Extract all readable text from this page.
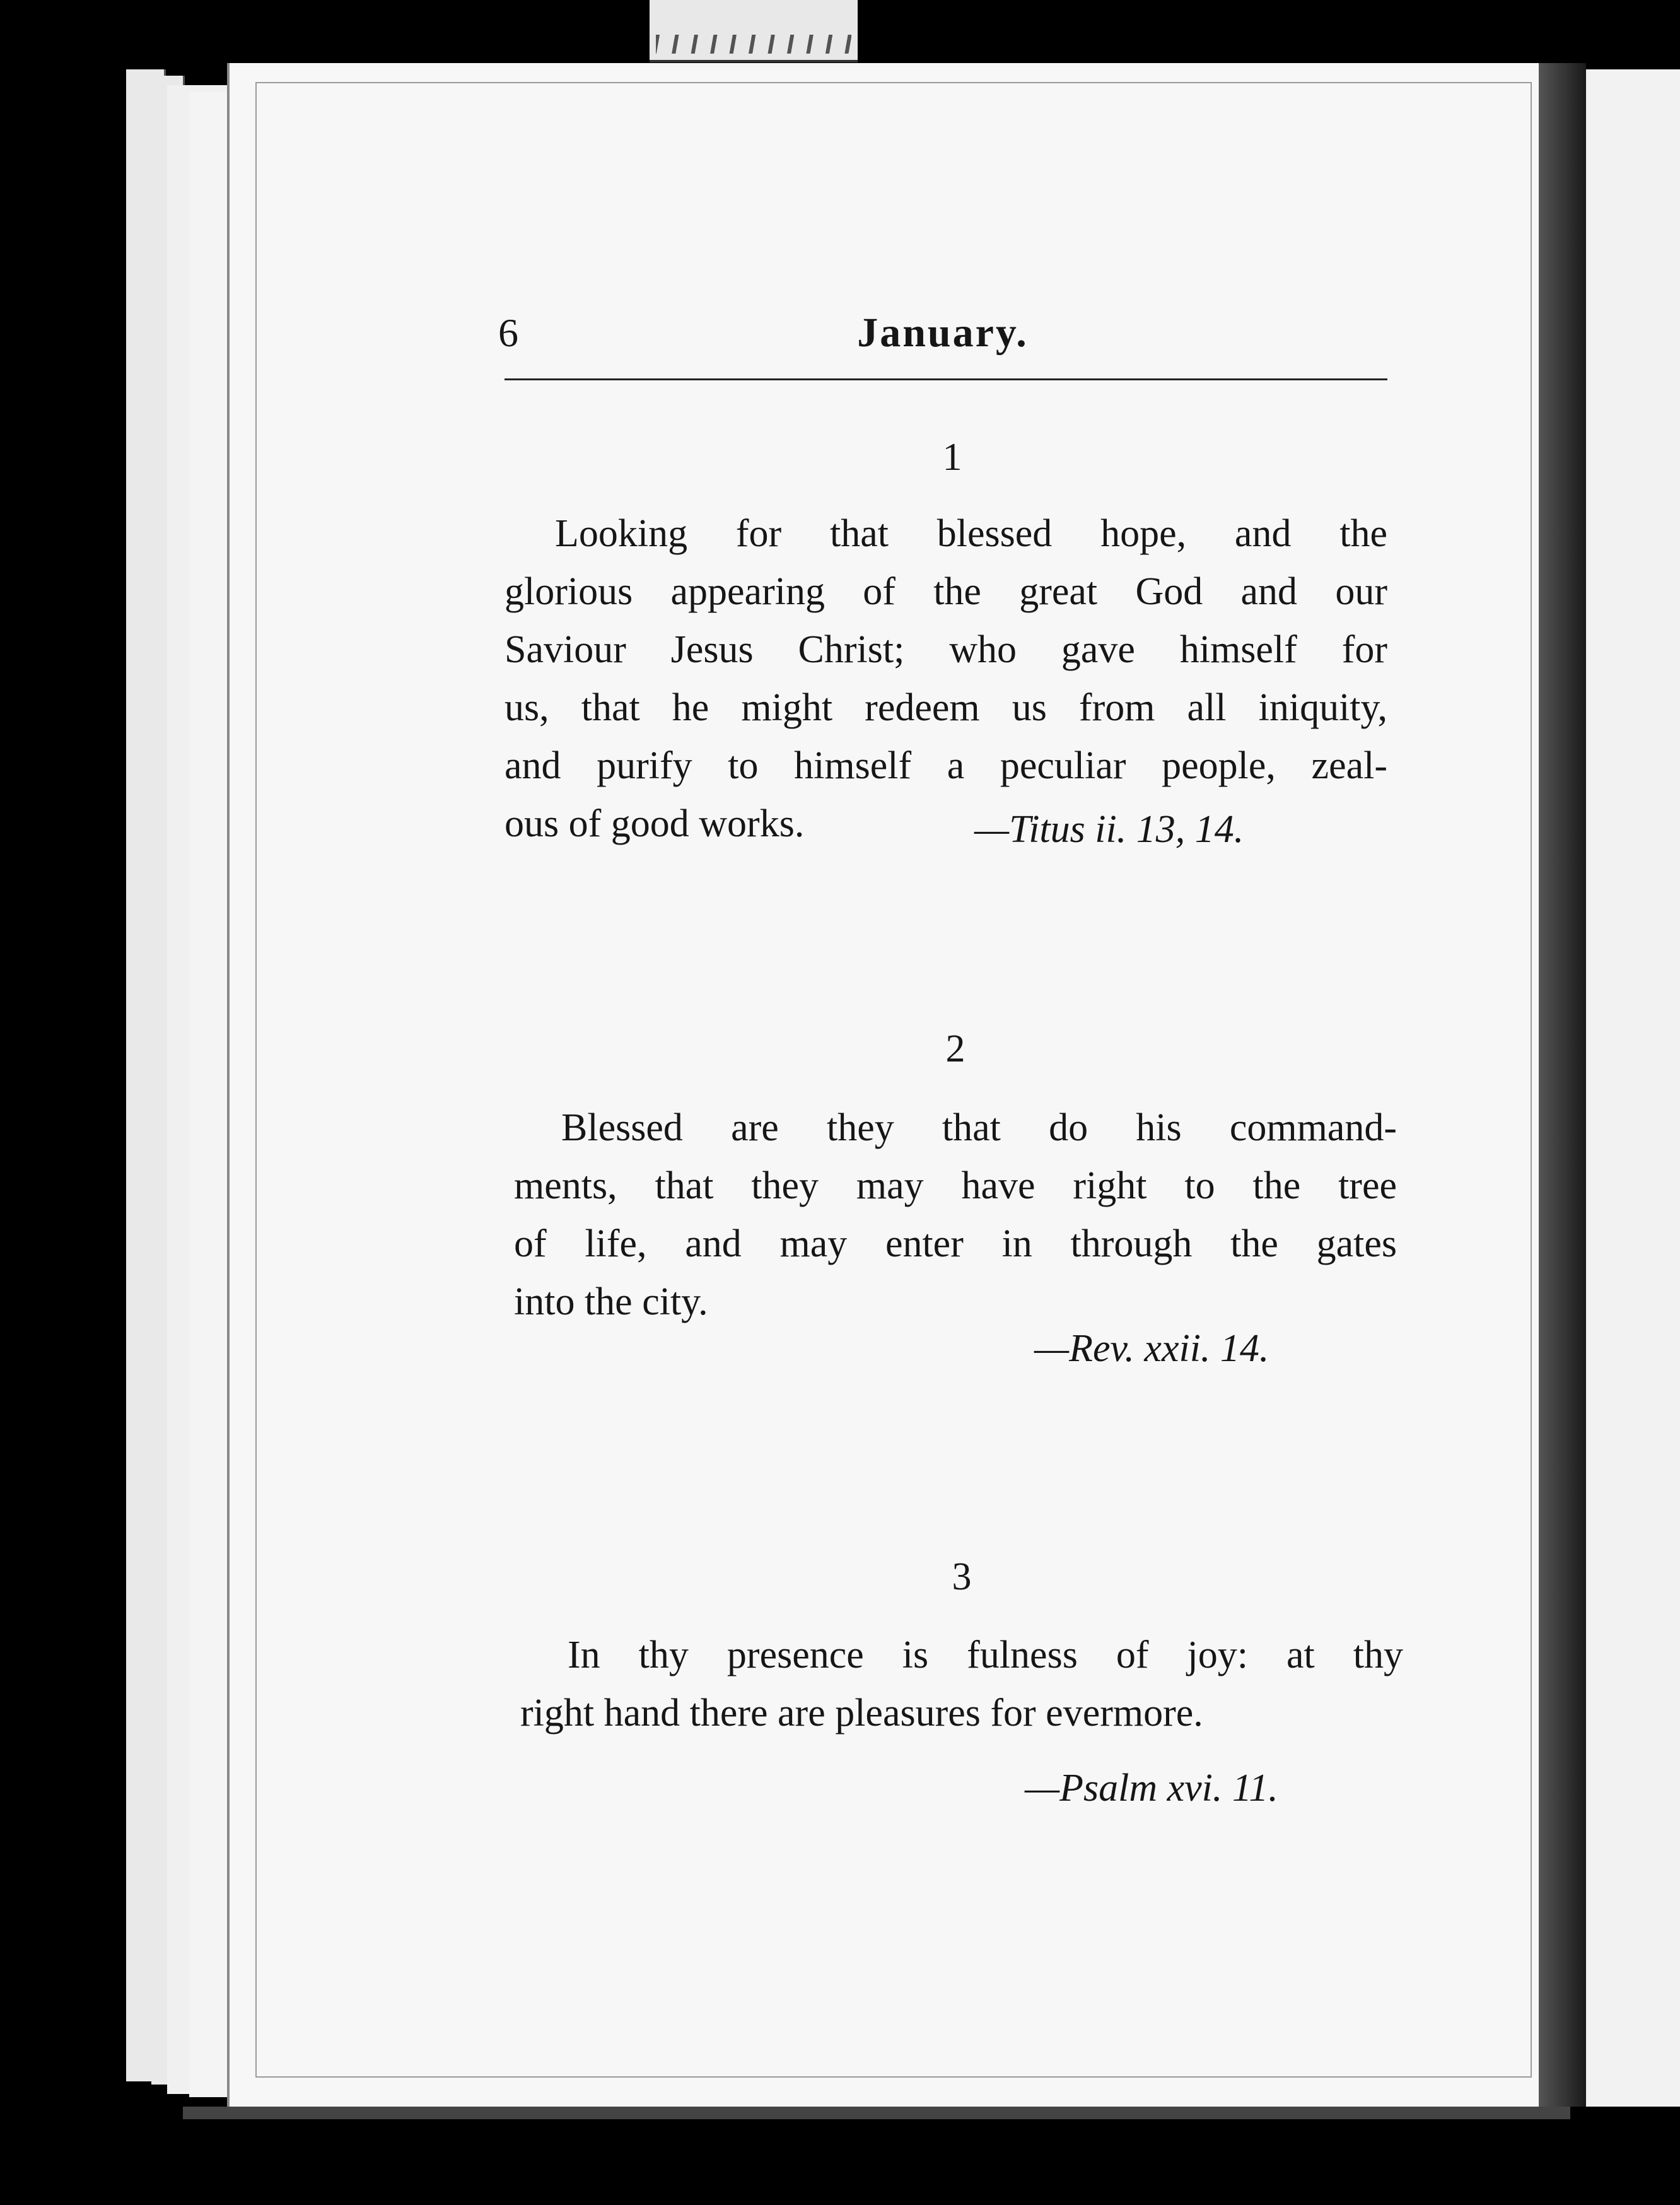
6	January.
1
Looking for that blessed hope, and the
glorious appearing of the great God and our
Saviour Jesus Christ; who gave himself for
us, that he might redeem us from all iniquity,
and purify to himself a peculiar people, zeal-
ous of good works.	—Titus ii. 13, 14.
2
Blessed are they that do his command-
ments, that they may have right to the tree
of life, and may enter in through the gates
into the city.
—Rev. xxii. 14.
3
In thy presence is fulness of joy: at thy
right hand there are pleasures for evermore.
—Psalm xvi. 11.
